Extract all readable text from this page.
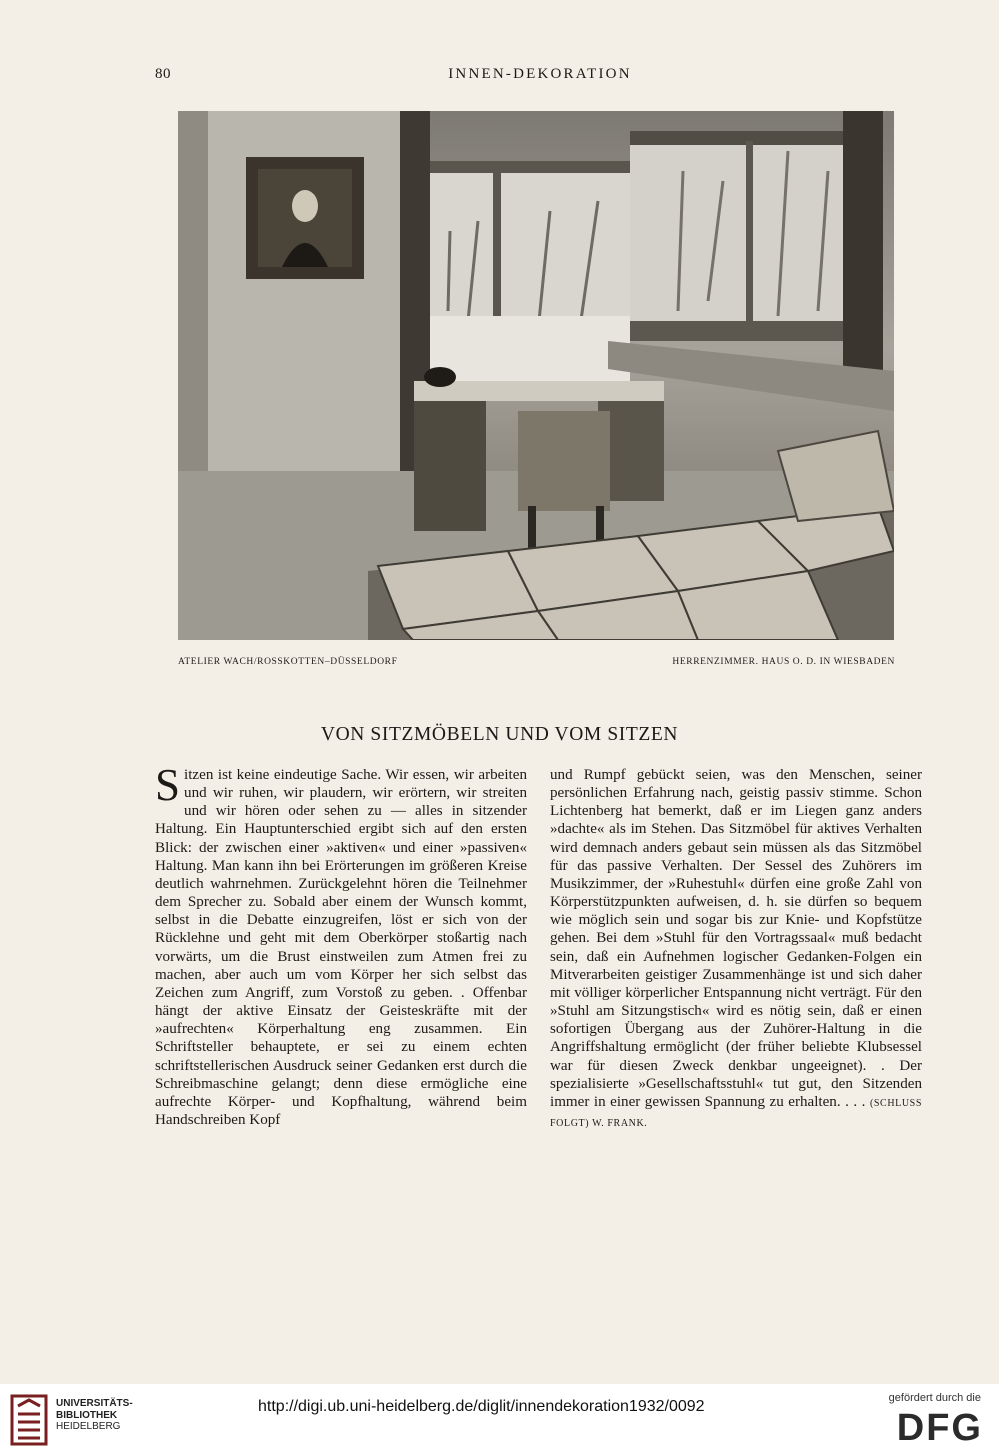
80	INNEN-DEKORATION
ATELIER WACH/ROSSKOTTEN–DÜSSELDORF	HERRENZIMMER. HAUS O. D. IN WIESBADEN
VON SITZMÖBELN UND VOM SITZEN

Sitzen ist keine eindeutige Sache. Wir essen, wir arbeiten und wir ruhen, wir plaudern, wir erörtern, wir streiten und wir hören oder sehen zu — alles in sitzender Haltung. Ein Hauptunterschied ergibt sich auf den ersten Blick: der zwischen einer »aktiven« und einer »passiven« Haltung. Man kann ihn bei Erörterungen im größeren Kreise deutlich wahrnehmen. Zurückgelehnt hören die Teilnehmer dem Sprecher zu. Sobald aber einem der Wunsch kommt, selbst in die Debatte einzugreifen, löst er sich von der Rücklehne und geht mit dem Oberkörper stoßartig nach vorwärts, um die Brust einstweilen zum Atmen frei zu machen, aber auch um vom Körper her sich selbst das Zeichen zum Angriff, zum Vorstoß zu geben. . Offenbar hängt der aktive Einsatz der Geisteskräfte mit der »aufrechten« Körperhaltung eng zusammen. Ein Schriftsteller behauptete, er sei zu einem echten schriftstellerischen Ausdruck seiner Gedanken erst durch die Schreibmaschine gelangt; denn diese ermögliche eine aufrechte Körper- und Kopfhaltung, während beim Handschreiben Kopf

und Rumpf gebückt seien, was den Menschen, seiner persönlichen Erfahrung nach, geistig passiv stimme. Schon Lichtenberg hat bemerkt, daß er im Liegen ganz anders »dachte« als im Stehen. Das Sitzmöbel für aktives Verhalten wird demnach anders gebaut sein müssen als das Sitzmöbel für das passive Verhalten. Der Sessel des Zuhörers im Musikzimmer, der »Ruhestuhl« dürfen eine große Zahl von Körperstützpunkten aufweisen, d. h. sie dürfen so bequem wie möglich sein und sogar bis zur Knie- und Kopfstütze gehen. Bei dem »Stuhl für den Vortragssaal« muß bedacht sein, daß ein Aufnehmen logischer Gedanken-Folgen ein Mitverarbeiten geistiger Zusammenhänge ist und sich daher mit völliger körperlicher Entspannung nicht verträgt. Für den »Stuhl am Sitzungstisch« wird es nötig sein, daß er einen sofortigen Übergang aus der Zuhörer-Haltung in die Angriffshaltung ermöglicht (der früher beliebte Klubsessel war für diesen Zweck denkbar ungeeignet). . Der spezialisierte »Gesellschaftsstuhl« tut gut, den Sitzenden immer in einer gewissen Spannung zu erhalten. . . . (SCHLUSS FOLGT) W. FRANK.

UNIVERSITÄTS-
BIBLIOTHEK
HEIDELBERG
http://digi.ub.uni-heidelberg.de/diglit/innendekoration1932/0092	gefördert durch die
DFG
